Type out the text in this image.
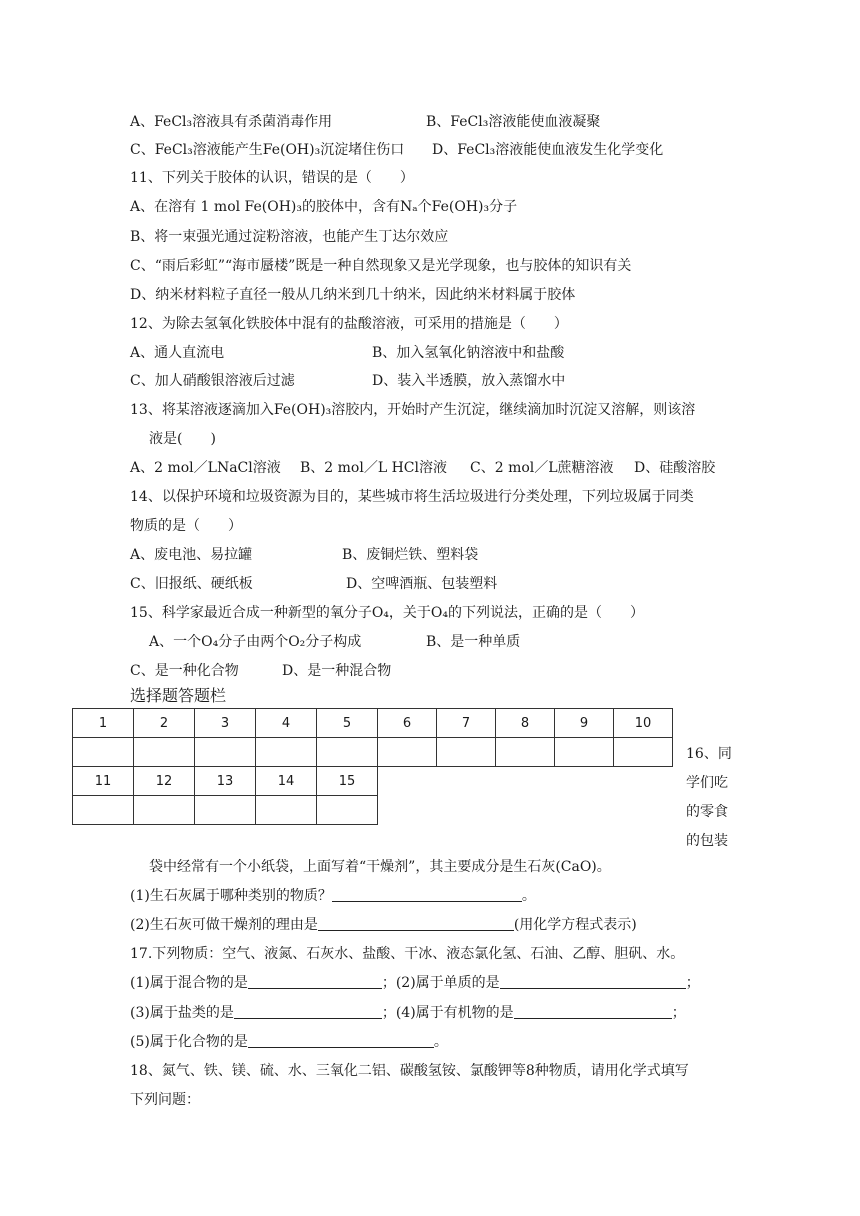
A、FeCl₃溶液具有杀菌消毒作用	B、FeCl₃溶液能使血液凝聚
C、FeCl₃溶液能产生Fe(OH)₃沉淀堵住伤口 D、FeCl₃溶液能使血液发生化学变化
11、下列关于胶体的认识，错误的是（　　）
A、在溶有 1 mol Fe(OH)₃的胶体中，含有Nₐ个Fe(OH)₃分子
B、将一束强光通过淀粉溶液，也能产生丁达尔效应
C、“雨后彩虹”“海市蜃楼”既是一种自然现象又是光学现象，也与胶体的知识有关
D、纳米材料粒子直径一般从几纳米到几十纳米，因此纳米材料属于胶体
12、为除去氢氧化铁胶体中混有的盐酸溶液，可采用的措施是（　　）
A、通人直流电	B、加入氢氧化钠溶液中和盐酸
C、加人硝酸银溶液后过滤	D、装入半透膜，放入蒸馏水中
13、将某溶液逐滴加入Fe(OH)₃溶胶内，开始时产生沉淀，继续滴加时沉淀又溶解，则该溶
液是(　　)
A、2 mol／LNaCl溶液 B、2 mol／L HCl溶液 C、2 mol／L蔗糖溶液 D、硅酸溶胶
14、以保护环境和垃圾资源为目的，某些城市将生活垃圾进行分类处理，下列垃圾属于同类
物质的是（　　）
A、废电池、易拉罐	B、废铜烂铁、塑料袋
C、旧报纸、硬纸板	D、空啤酒瓶、包装塑料
15、科学家最近合成一种新型的氧分子O₄，关于O₄的下列说法，正确的是（　　）
A、一个O₄分子由两个O₂分子构成	B、是一种单质
C、是一种化合物	D、是一种混合物
选择题答题栏
1	2	3	4	5	6	7	8	9	10

11	12	13	14	15					

16、同
学们吃
的零食
的包装
袋中经常有一个小纸袋，上面写着“干燥剂”，其主要成分是生石灰(CaO)。
(1)生石灰属于哪种类别的物质？	。
(2)生石灰可做干燥剂的理由是	(用化学方程式表示)
17.下列物质：空气、液氮、石灰水、盐酸、干冰、液态氯化氢、石油、乙醇、胆矾、水。
(1)属于混合物的是	；(2)属于单质的是	；
(3)属于盐类的是	；(4)属于有机物的是	；
(5)属于化合物的是	。
18、氮气、铁、镁、硫、水、三氧化二铝、碳酸氢铵、氯酸钾等8种物质，请用化学式填写
下列问题：
